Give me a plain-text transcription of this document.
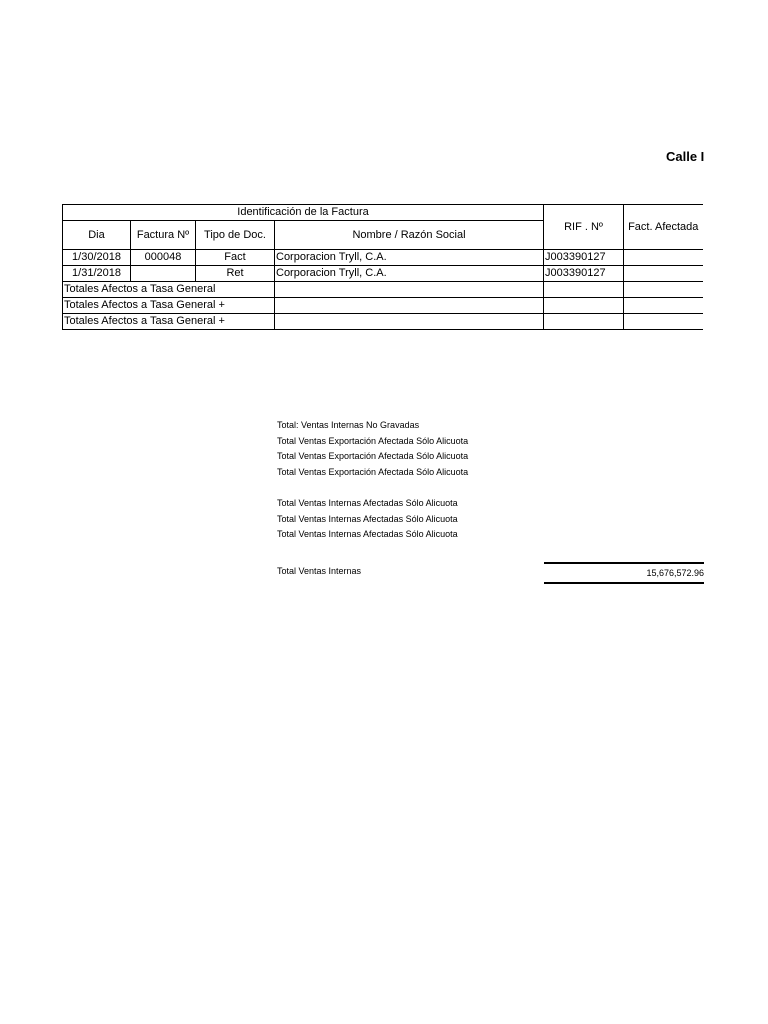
Calle I
Identificación de la Factura				RIF . Nº	Fact. Afectada
Dia	Factura Nº	Tipo de Doc.	Nombre / Razón Social		
1/30/2018	000048	Fact	Corporacion Tryll, C.A.	J003390127	
1/31/2018		Ret	Corporacion Tryll, C.A.	J003390127	
Totales Afectos a Tasa General					
Totales Afectos a Tasa General +					
Totales Afectos a Tasa General +					
Total: Ventas Internas No Gravadas
Total Ventas Exportación Afectada Sólo Alicuota
Total Ventas Exportación Afectada Sólo Alicuota
Total Ventas Exportación Afectada Sólo Alicuota
Total Ventas Internas Afectadas Sólo Alicuota
Total Ventas Internas Afectadas Sólo Alicuota
Total Ventas Internas Afectadas Sólo Alicuota
Total Ventas Internas	15,676,572.96
